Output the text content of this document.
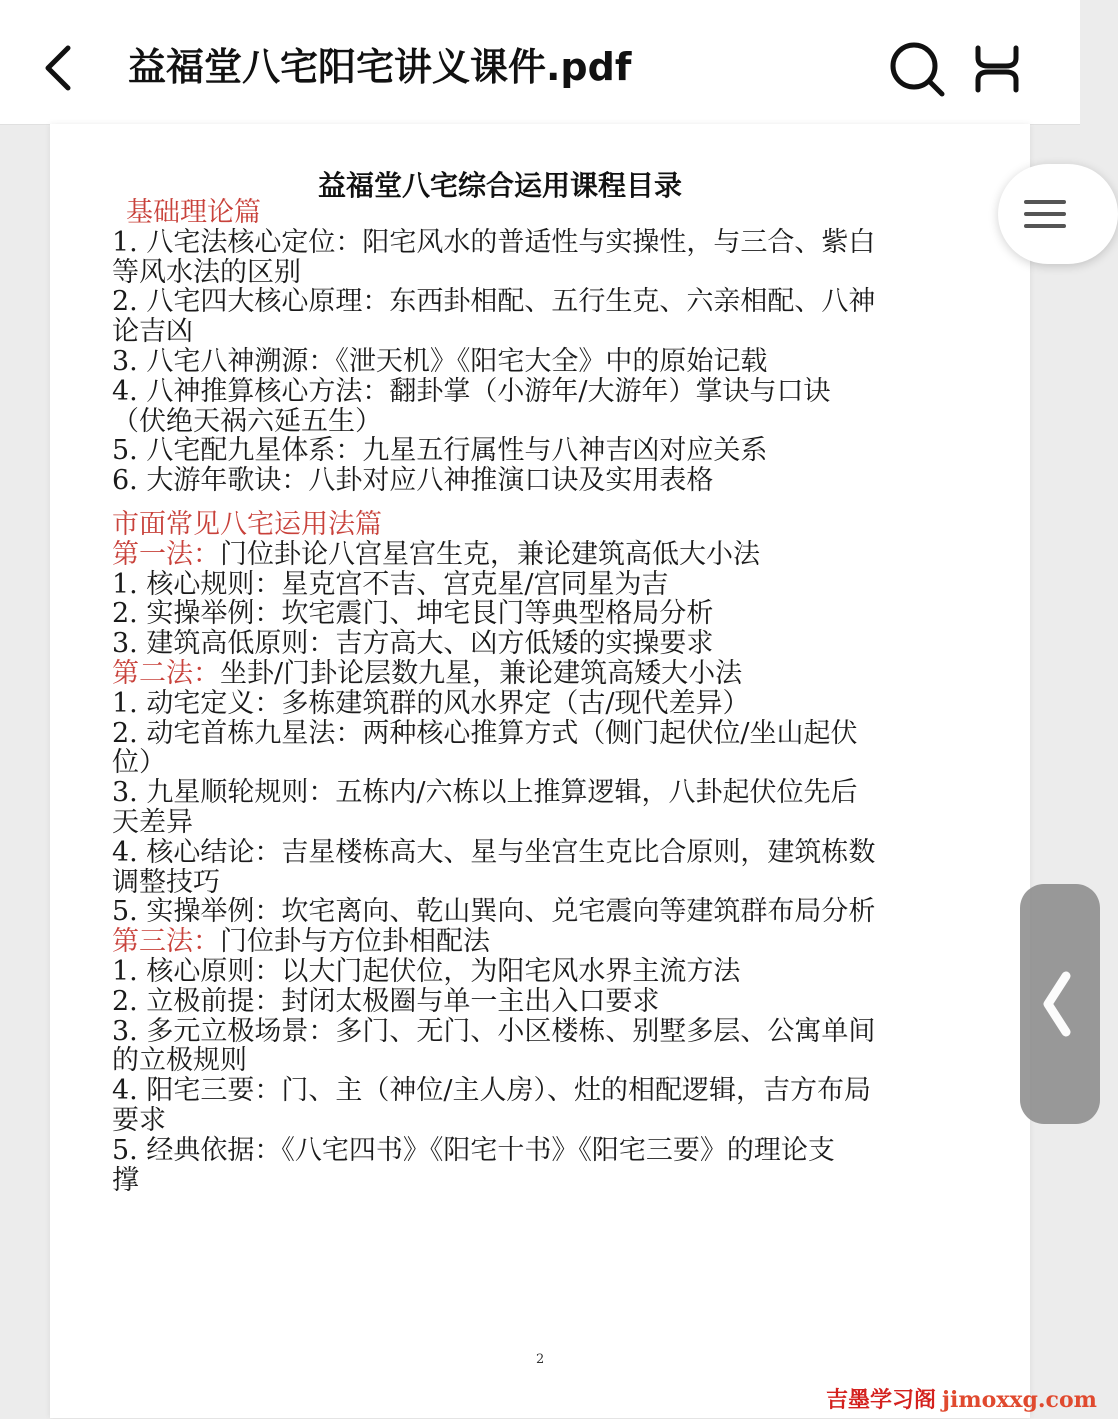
益福堂八宅阳宅讲义课件.pdf
益福堂八宅综合运用课程目录
基础理论篇
1. 八宅法核心定位：阳宅风水的普适性与实操性，与三合、紫白
等风水法的区别
2. 八宅四大核心原理：东西卦相配、五行生克、六亲相配、八神
论吉凶
3. 八宅八神溯源：《泄天机》《阳宅大全》中的原始记载
4. 八神推算核心方法：翻卦掌（小游年/大游年）掌诀与口诀
（伏绝天祸六延五生）
5. 八宅配九星体系：九星五行属性与八神吉凶对应关系
6. 大游年歌诀：八卦对应八神推演口诀及实用表格
市面常见八宅运用法篇
第一法：门位卦论八宫星宫生克，兼论建筑高低大小法
1. 核心规则：星克宫不吉、宫克星/宫同星为吉
2. 实操举例：坎宅震门、坤宅艮门等典型格局分析
3. 建筑高低原则：吉方高大、凶方低矮的实操要求
第二法：坐卦/门卦论层数九星，兼论建筑高矮大小法
1. 动宅定义：多栋建筑群的风水界定（古/现代差异）
2. 动宅首栋九星法：两种核心推算方式（侧门起伏位/坐山起伏
位）
3. 九星顺轮规则：五栋内/六栋以上推算逻辑，八卦起伏位先后
天差异
4. 核心结论：吉星楼栋高大、星与坐宫生克比合原则，建筑栋数
调整技巧
5. 实操举例：坎宅离向、乾山巽向、兑宅震向等建筑群布局分析
第三法：门位卦与方位卦相配法
1. 核心原则：以大门起伏位，为阳宅风水界主流方法
2. 立极前提：封闭太极圈与单一主出入口要求
3. 多元立极场景：多门、无门、小区楼栋、别墅多层、公寓单间
的立极规则
4. 阳宅三要：门、主（神位/主人房）、灶的相配逻辑，吉方布局
要求
5. 经典依据：《八宅四书》《阳宅十书》《阳宅三要》的理论支
撑
2
吉墨学习阁 jimoxxg.com
